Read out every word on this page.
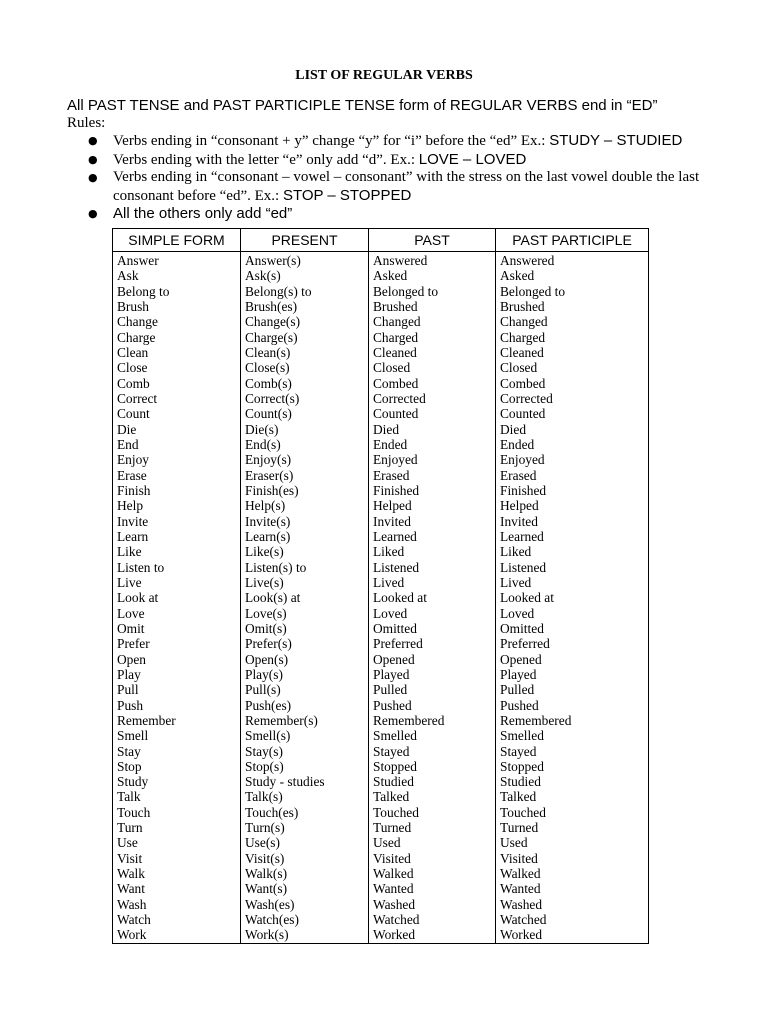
LIST OF REGULAR VERBS
All PAST TENSE and PAST PARTICIPLE TENSE form of REGULAR VERBS end in “ED”
Rules:
● Verbs ending in “consonant + y” change “y” for “i” before the “ed” Ex.: STUDY – STUDIED
● Verbs ending with the letter “e” only add “d”. Ex.: LOVE – LOVED
● Verbs ending in “consonant – vowel – consonant” with the stress on the last vowel double the last consonant before “ed”. Ex.: STOP – STOPPED
● All the others only add “ed”
SIMPLE FORM	PRESENT	PAST	PAST PARTICIPLE
Answer	Answer(s)	Answered	Answered
Ask	Ask(s)	Asked	Asked
Belong to	Belong(s) to	Belonged to	Belonged to
Brush	Brush(es)	Brushed	Brushed
Change	Change(s)	Changed	Changed
Charge	Charge(s)	Charged	Charged
Clean	Clean(s)	Cleaned	Cleaned
Close	Close(s)	Closed	Closed
Comb	Comb(s)	Combed	Combed
Correct	Correct(s)	Corrected	Corrected
Count	Count(s)	Counted	Counted
Die	Die(s)	Died	Died
End	End(s)	Ended	Ended
Enjoy	Enjoy(s)	Enjoyed	Enjoyed
Erase	Eraser(s)	Erased	Erased
Finish	Finish(es)	Finished	Finished
Help	Help(s)	Helped	Helped
Invite	Invite(s)	Invited	Invited
Learn	Learn(s)	Learned	Learned
Like	Like(s)	Liked	Liked
Listen to	Listen(s) to	Listened	Listened
Live	Live(s)	Lived	Lived
Look at	Look(s) at	Looked at	Looked at
Love	Love(s)	Loved	Loved
Omit	Omit(s)	Omitted	Omitted
Prefer	Prefer(s)	Preferred	Preferred
Open	Open(s)	Opened	Opened
Play	Play(s)	Played	Played
Pull	Pull(s)	Pulled	Pulled
Push	Push(es)	Pushed	Pushed
Remember	Remember(s)	Remembered	Remembered
Smell	Smell(s)	Smelled	Smelled
Stay	Stay(s)	Stayed	Stayed
Stop	Stop(s)	Stopped	Stopped
Study	Study - studies	Studied	Studied
Talk	Talk(s)	Talked	Talked
Touch	Touch(es)	Touched	Touched
Turn	Turn(s)	Turned	Turned
Use	Use(s)	Used	Used
Visit	Visit(s)	Visited	Visited
Walk	Walk(s)	Walked	Walked
Want	Want(s)	Wanted	Wanted
Wash	Wash(es)	Washed	Washed
Watch	Watch(es)	Watched	Watched
Work	Work(s)	Worked	Worked
